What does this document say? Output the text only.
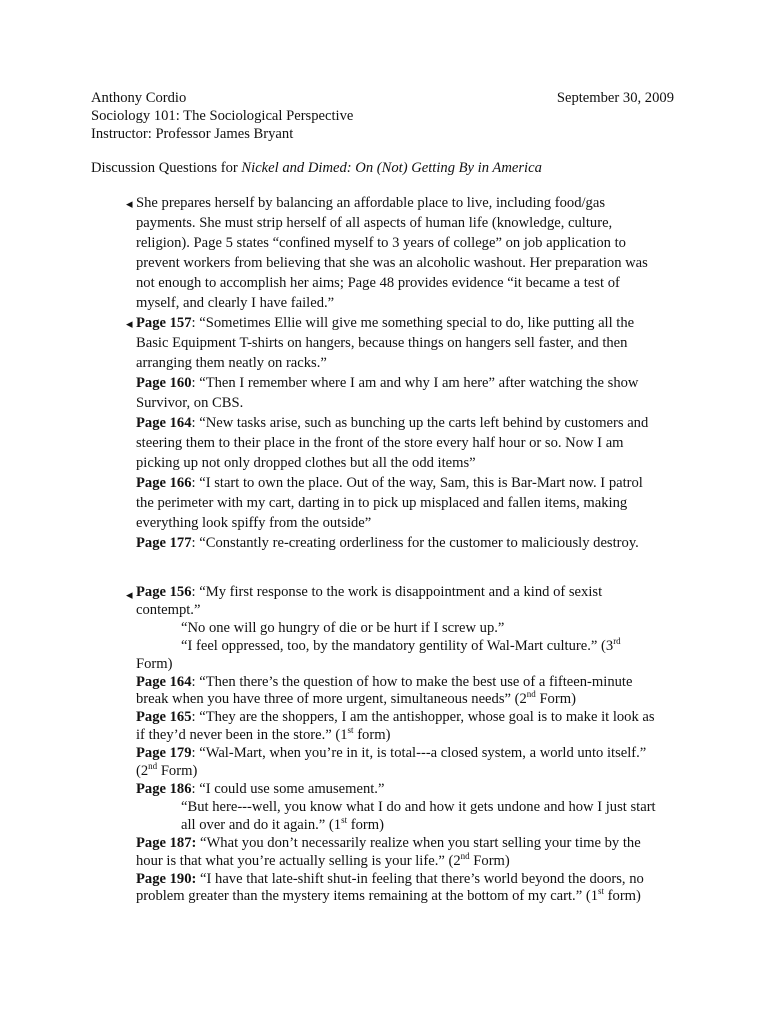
Anthony Cordio	September 30, 2009
Sociology 101: The Sociological Perspective
Instructor: Professor James Bryant
Discussion Questions for Nickel and Dimed: On (Not) Getting By in America
◂ She prepares herself by balancing an affordable place to live, including food/gas
payments. She must strip herself of all aspects of human life (knowledge, culture,
religion). Page 5 states “confined myself to 3 years of college” on job application to
prevent workers from believing that she was an alcoholic washout. Her preparation was
not enough to accomplish her aims; Page 48 provides evidence “it became a test of
myself, and clearly I have failed.”
◂ Page 157: “Sometimes Ellie will give me something special to do, like putting all the
Basic Equipment T-shirts on hangers, because things on hangers sell faster, and then
arranging them neatly on racks.”
Page 160: “Then I remember where I am and why I am here” after watching the show
Survivor, on CBS.
Page 164: “New tasks arise, such as bunching up the carts left behind by customers and
steering them to their place in the front of the store every half hour or so. Now I am
picking up not only dropped clothes but all the odd items”
Page 166: “I start to own the place. Out of the way, Sam, this is Bar-Mart now. I patrol
the perimeter with my cart, darting in to pick up misplaced and fallen items, making
everything look spiffy from the outside”
Page 177: “Constantly re-creating orderliness for the customer to maliciously destroy.
◂ Page 156: “My first response to the work is disappointment and a kind of sexist
contempt.”
“No one will go hungry of die or be hurt if I screw up.”
“I feel oppressed, too, by the mandatory gentility of Wal-Mart culture.” (3rd
Form)
Page 164: “Then there’s the question of how to make the best use of a fifteen-minute
break when you have three of more urgent, simultaneous needs” (2nd Form)
Page 165: “They are the shoppers, I am the antishopper, whose goal is to make it look as
if they’d never been in the store.” (1st form)
Page 179: “Wal-Mart, when you’re in it, is total---a closed system, a world unto itself.”
(2nd Form)
Page 186: “I could use some amusement.”
“But here---well, you know what I do and how it gets undone and how I just start
all over and do it again.” (1st form)
Page 187: “What you don’t necessarily realize when you start selling your time by the
hour is that what you’re actually selling is your life.” (2nd Form)
Page 190: “I have that late-shift shut-in feeling that there’s world beyond the doors, no
problem greater than the mystery items remaining at the bottom of my cart.” (1st form)
